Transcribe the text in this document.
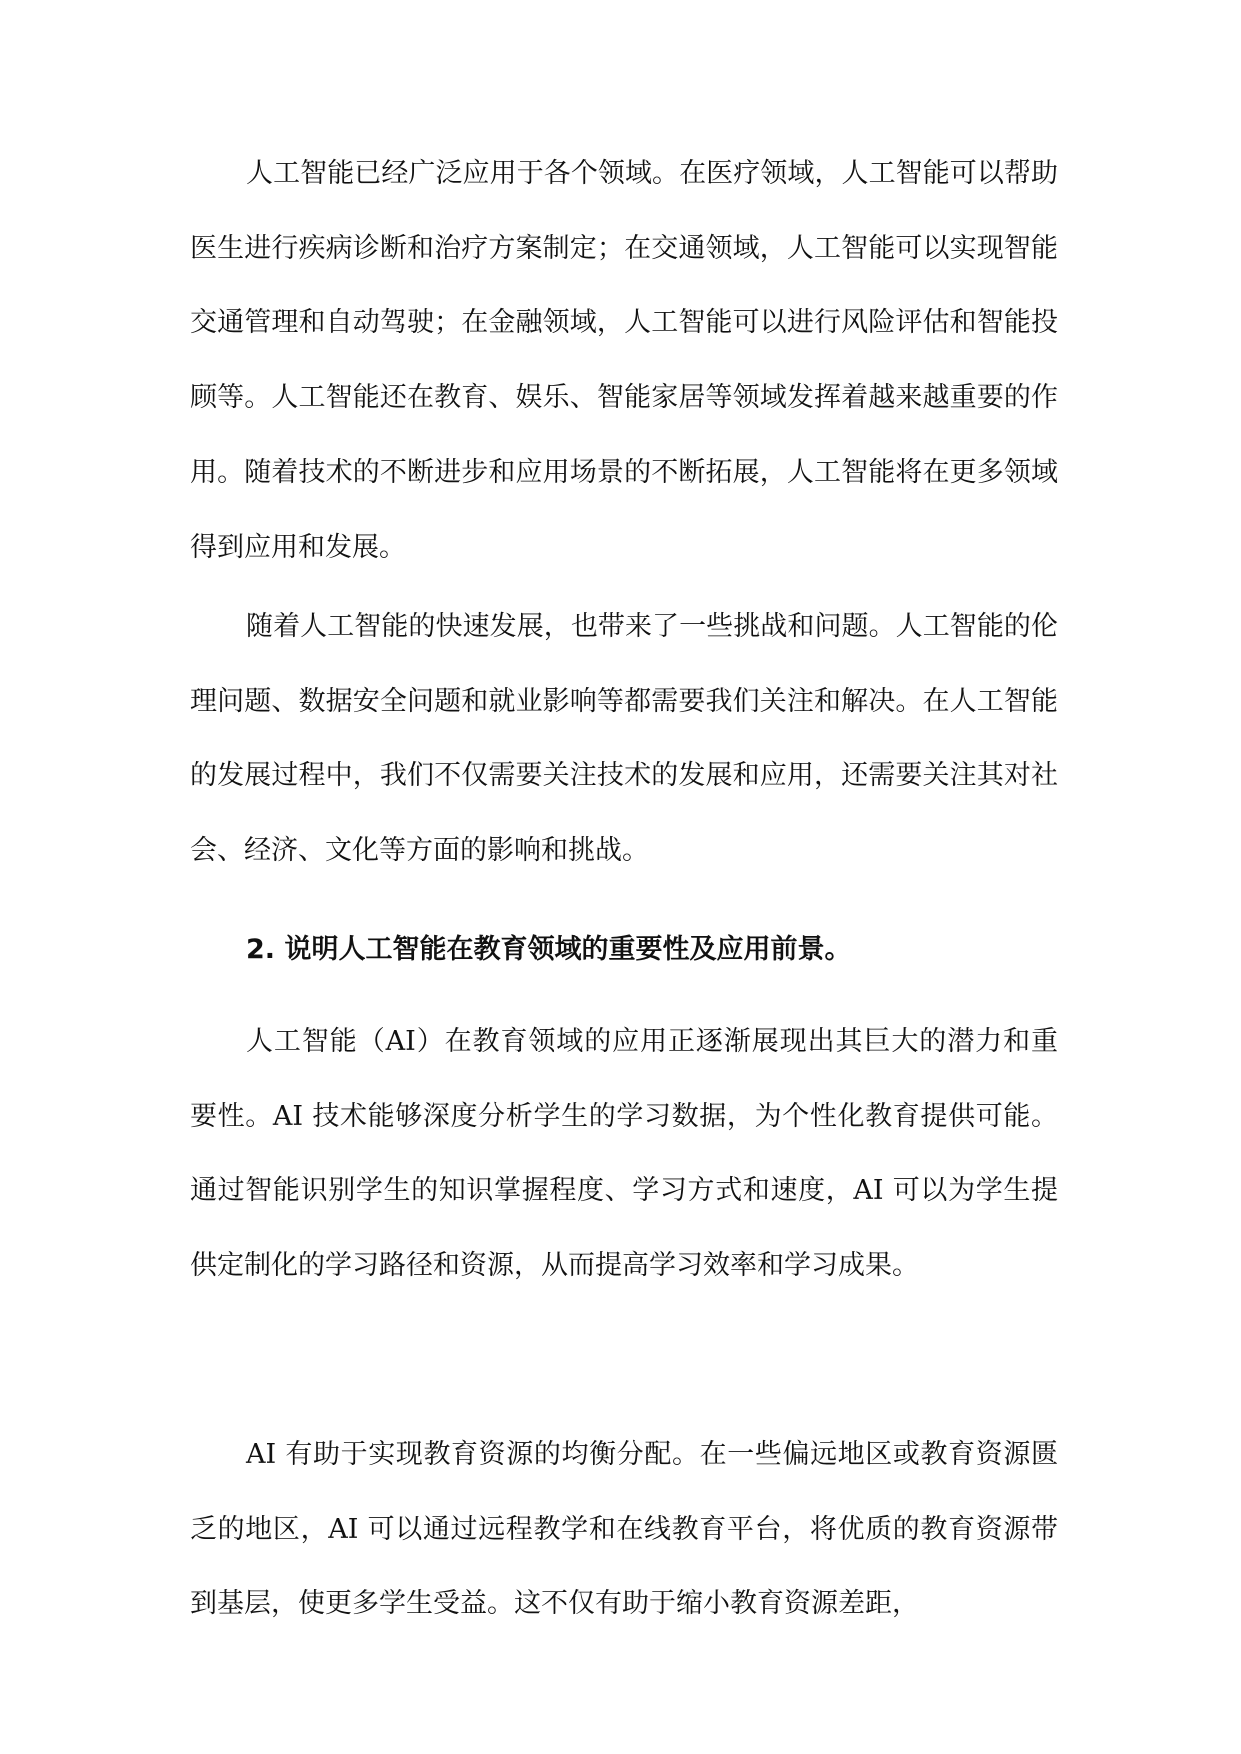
人工智能已经广泛应用于各个领域。在医疗领域，人工智能可以帮助医生进行疾病诊断和治疗方案制定；在交通领域，人工智能可以实现智能交通管理和自动驾驶；在金融领域，人工智能可以进行风险评估和智能投顾等。人工智能还在教育、娱乐、智能家居等领域发挥着越来越重要的作用。随着技术的不断进步和应用场景的不断拓展，人工智能将在更多领域得到应用和发展。

随着人工智能的快速发展，也带来了一些挑战和问题。人工智能的伦理问题、数据安全问题和就业影响等都需要我们关注和解决。在人工智能的发展过程中，我们不仅需要关注技术的发展和应用，还需要关注其对社会、经济、文化等方面的影响和挑战。

2. 说明人工智能在教育领域的重要性及应用前景。

人工智能（AI）在教育领域的应用正逐渐展现出其巨大的潜力和重要性。AI 技术能够深度分析学生的学习数据，为个性化教育提供可能。通过智能识别学生的知识掌握程度、学习方式和速度，AI 可以为学生提供定制化的学习路径和资源，从而提高学习效率和学习成果。

AI 有助于实现教育资源的均衡分配。在一些偏远地区或教育资源匮乏的地区，AI 可以通过远程教学和在线教育平台，将优质的教育资源带到基层，使更多学生受益。这不仅有助于缩小教育资源差距，
